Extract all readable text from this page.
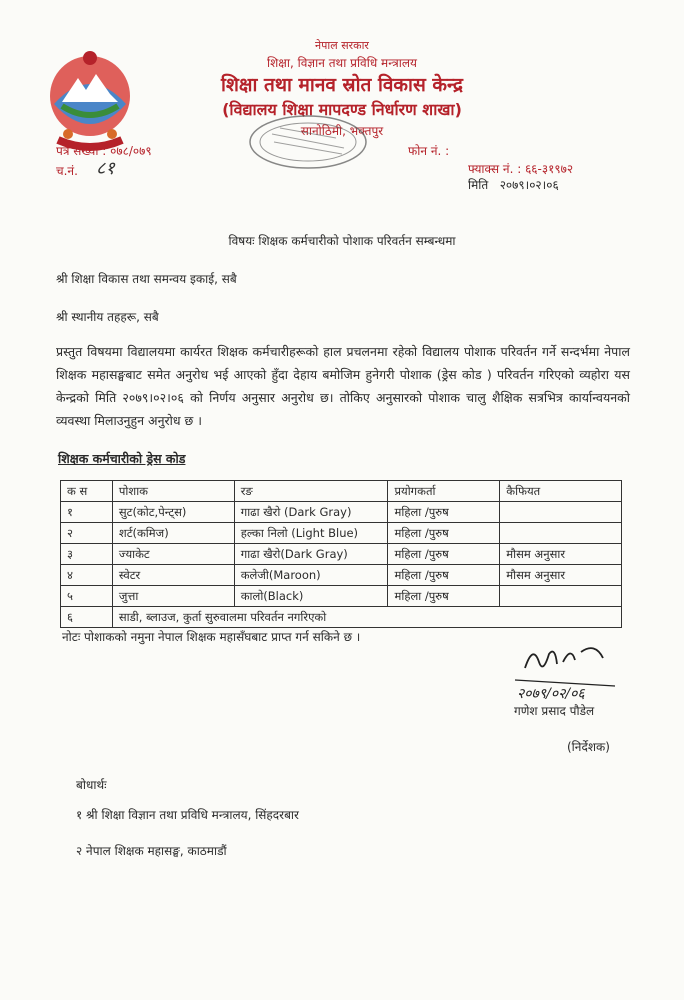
नेपाल सरकार
शिक्षा, विज्ञान तथा प्रविधि मन्त्रालय
शिक्षा तथा मानव स्रोत विकास केन्द्र
(विद्यालय शिक्षा मापदण्ड निर्धारण शाखा)
सानोठिमी, भक्तपुर
पत्र संख्या : ०७८/०७९
च.नं. ८१
फोन नं. :
फ्याक्स नं. : ६६-३१९७२
मिति २०७९।०२।०६
विषयः शिक्षक कर्मचारीको पोशाक परिवर्तन सम्बन्धमा
श्री शिक्षा विकास तथा समन्वय इकाई, सबै
श्री स्थानीय तहहरू, सबै
प्रस्तुत विषयमा विद्यालयमा कार्यरत शिक्षक कर्मचारीहरूको हाल प्रचलनमा रहेको विद्यालय पोशाक परिवर्तन गर्ने सन्दर्भमा नेपाल शिक्षक महासङ्घबाट समेत अनुरोध भई आएको हुँदा देहाय बमोजिम हुनेगरी पोशाक (ड्रेस कोड ) परिवर्तन गरिएको व्यहोरा यस केन्द्रको मिति २०७९।०२।०६ को निर्णय अनुसार अनुरोध छ। तोकिए अनुसारको पोशाक चालु शैक्षिक सत्रभित्र कार्यान्वयनको व्यवस्था मिलाउनुहुन अनुरोध छ ।
शिक्षक कर्मचारीको ड्रेस कोड
क स	पोशाक	रङ	प्रयोगकर्ता	कैफियत
१	सुट(कोट,पेन्ट्स)	गाढा खैरो (Dark Gray)	महिला /पुरुष	
२	शर्ट(कमिज)	हल्का निलो (Light Blue)	महिला /पुरुष	
३	ज्याकेट	गाढा खैरो(Dark Gray)	महिला /पुरुष	मौसम अनुसार
४	स्वेटर	कलेजी(Maroon)	महिला /पुरुष	मौसम अनुसार
५	जुत्ता	कालो(Black)	महिला /पुरुष	
६	साडी, ब्लाउज, कुर्ता सुरुवालमा परिवर्तन नगरिएको			
नोटः पोशाकको नमुना नेपाल शिक्षक महासँघबाट प्राप्त गर्न सकिने छ ।
२०७९/०२/०६
गणेश प्रसाद पौडेल
(निर्देशक)
बोधार्थः
१ श्री शिक्षा विज्ञान तथा प्रविधि मन्त्रालय, सिंहदरबार
२ नेपाल शिक्षक महासङ्घ, काठमाडौं
